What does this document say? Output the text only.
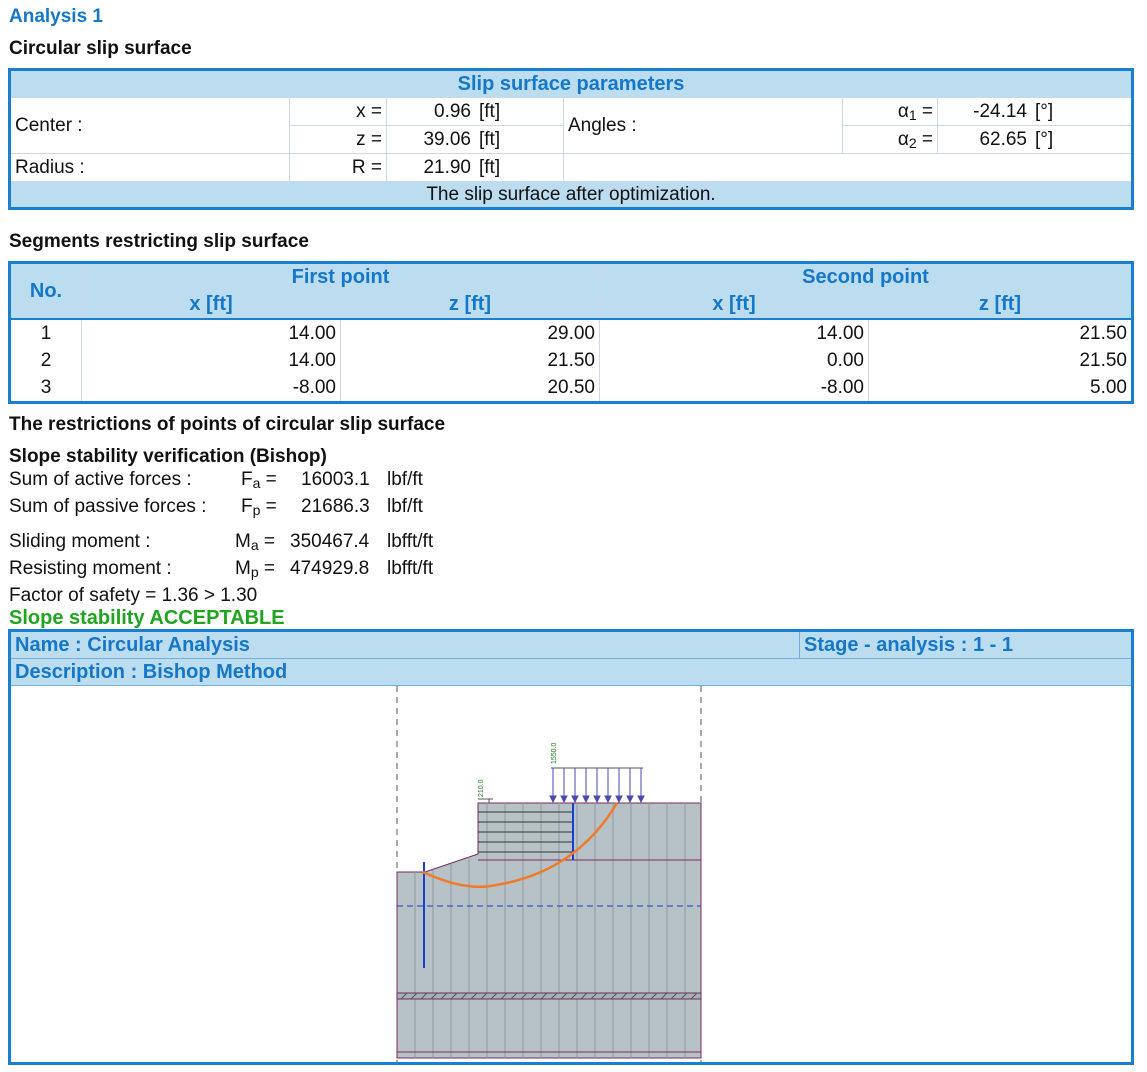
Analysis 1
Circular slip surface
Slip surface parameters							
Center :	x =	0.96	[ft]	Angles :	$\alpha_1$ =	-24.14	[°]
	z =	39.06	[ft]		$\alpha_2$ =	62.65	[°]
Radius :	R =	21.90	[ft]				
The slip surface after optimization.							
Segments restricting slip surface
No.	First point		Second point	
	x [ft]	z [ft]	x [ft]	z [ft]
1	14.00	29.00	14.00	21.50
2	14.00	21.50	0.00	21.50
3	-8.00	20.50	-8.00	5.00
The restrictions of points of circular slip surface
Slope stability verification (Bishop)
Sum of active forces :	$F_a = 16003.1$ lbf/ft
Sum of passive forces : $F_p = 21686.3$ lbf/ft
Sliding moment :	$M_a = 350467.4$ lbfft/ft
Resisting moment :	$M_p = 474929.8$ lbfft/ft
Factor of safety = 1.36 > 1.30
Slope stability ACCEPTABLE
Name : Circular Analysis	Stage - analysis : 1 - 1
Description : Bishop Method
210.0
1550.0
